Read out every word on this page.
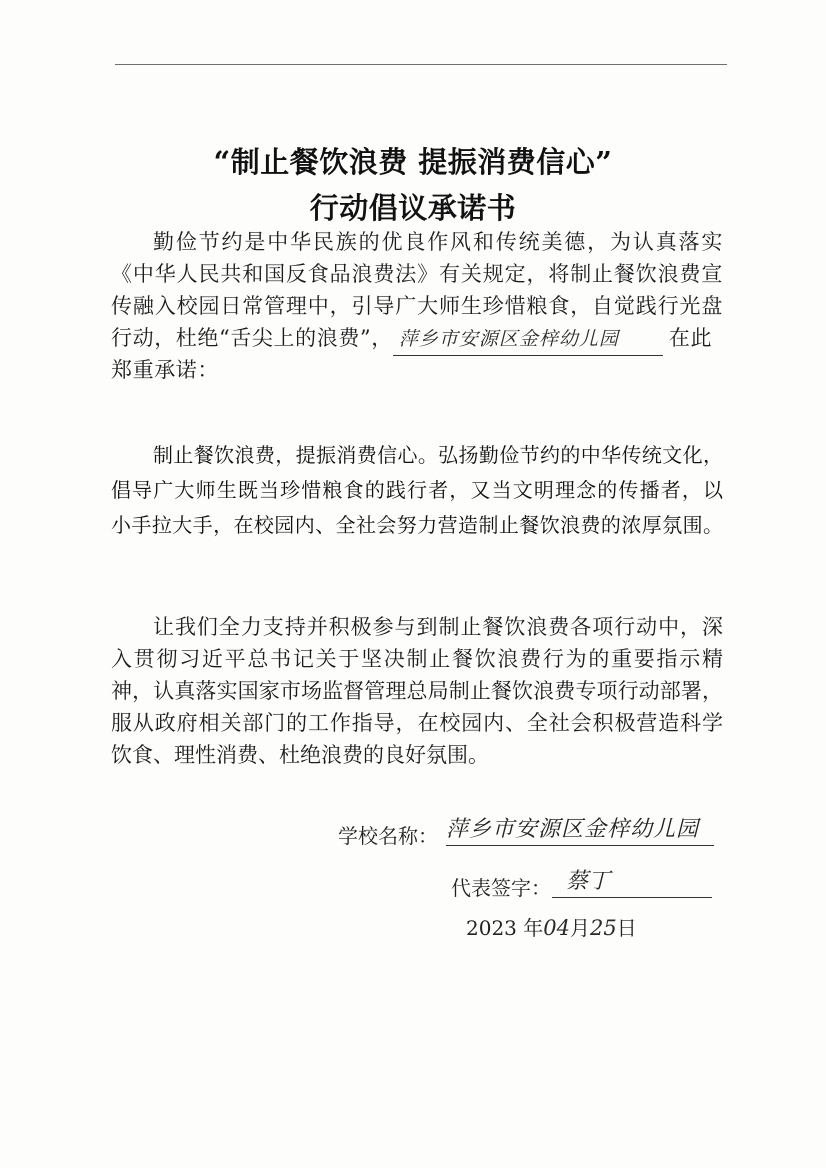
“制止餐饮浪费 提振消费信心”
行动倡议承诺书
勤俭节约是中华民族的优良作风和传统美德，为认真落实
《中华人民共和国反食品浪费法》有关规定，将制止餐饮浪费宣
传融入校园日常管理中，引导广大师生珍惜粮食，自觉践行光盘
行动，杜绝“舌尖上的浪费”， 萍乡市安源区金梓幼儿园 在此
郑重承诺：
制止餐饮浪费，提振消费信心。弘扬勤俭节约的中华传统文化，
倡导广大师生既当珍惜粮食的践行者，又当文明理念的传播者，以
小手拉大手，在校园内、全社会努力营造制止餐饮浪费的浓厚氛围。
让我们全力支持并积极参与到制止餐饮浪费各项行动中，深
入贯彻习近平总书记关于坚决制止餐饮浪费行为的重要指示精
神，认真落实国家市场监督管理总局制止餐饮浪费专项行动部署，
服从政府相关部门的工作指导，在校园内、全社会积极营造科学
饮食、理性消费、杜绝浪费的良好氛围。
学校名称： 萍乡市安源区金梓幼儿园
代表签字： 蔡丁
2023 年04月25日
